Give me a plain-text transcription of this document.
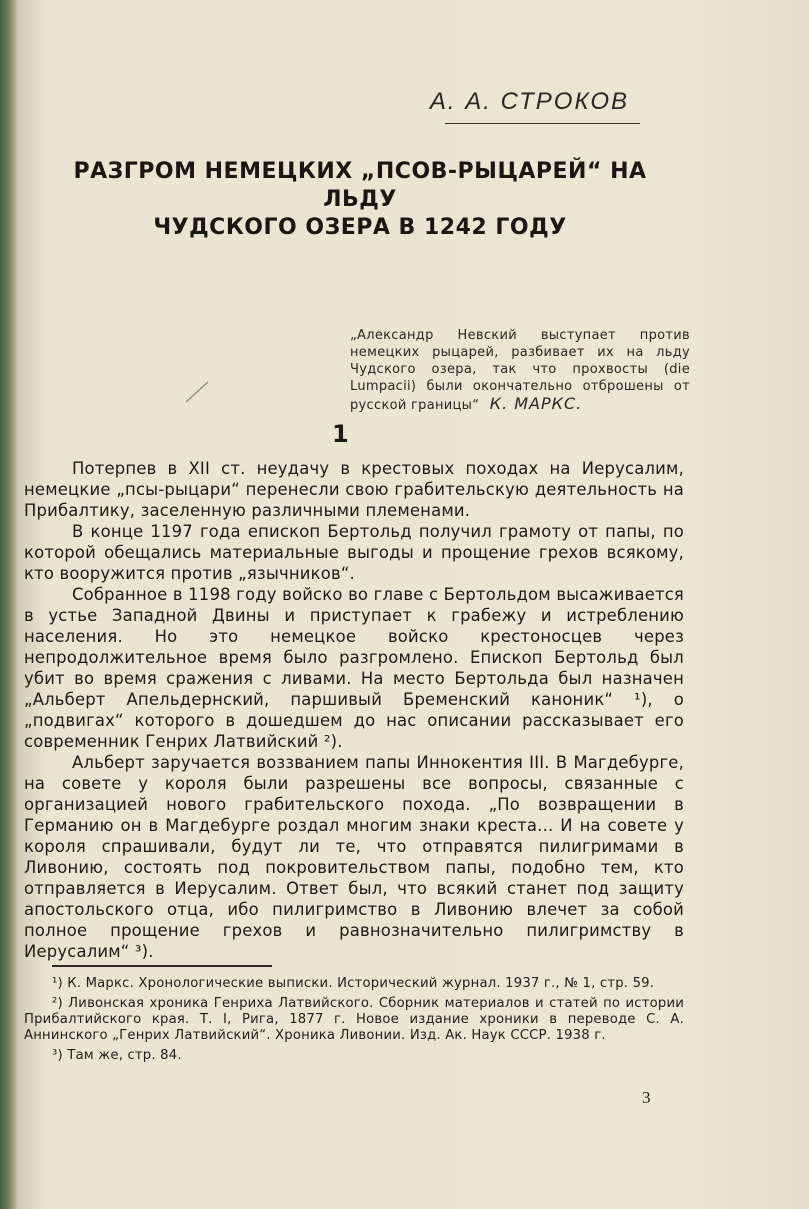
А. А. СТРОКОВ
РАЗГРОМ НЕМЕЦКИХ „ПСОВ-РЫЦАРЕЙ“ НА ЛЬДУ
ЧУДСКОГО ОЗЕРА В 1242 ГОДУ
„Александр Невский выступает против немецких рыцарей, разбивает их на льду Чудского озера, так что прохвосты (die Lumpacii) были окончательно отброшены от русской границы“ К. МАРКС.
1

Потерпев в XII ст. неудачу в крестовых походах на Иерусалим, немецкие „псы-рыцари“ перенесли свою грабительскую деятельность на Прибалтику, заселенную различными племенами.

В конце 1197 года епископ Бертольд получил грамоту от папы, по которой обещались материальные выгоды и прощение грехов всякому, кто вооружится против „язычников“.

Собранное в 1198 году войско во главе с Бертольдом высаживается в устье Западной Двины и приступает к грабежу и истреблению населения. Но это немецкое войско крестоносцев через непродолжительное время было разгромлено. Епископ Бертольд был убит во время сражения с ливами. На место Бертольда был назначен „Альберт Апельдернский, паршивый Бременский каноник“ ¹), о „подвигах“ которого в дошедшем до нас описании рассказывает его современник Генрих Латвийский ²).

Альберт заручается воззванием папы Иннокентия III. В Магдебурге, на совете у короля были разрешены все вопросы, связанные с организацией нового грабительского похода. „По возвращении в Германию он в Магдебурге роздал многим знаки креста... И на совете у короля спрашивали, будут ли те, что отправятся пилигримами в Ливонию, состоять под покровительством папы, подобно тем, кто отправляется в Иерусалим. Ответ был, что всякий станет под защиту апостольского отца, ибо пилигримство в Ливонию влечет за собой полное прощение грехов и равнозначительно пилигримству в Иерусалим“ ³).

¹) К. Маркс. Хронологические выписки. Исторический журнал. 1937 г., № 1, стр. 59.

²) Ливонская хроника Генриха Латвийского. Сборник материалов и статей по истории Прибалтийского края. Т. I, Рига, 1877 г. Новое издание хроники в переводе С. А. Аннинского „Генрих Латвийский“. Хроника Ливонии. Изд. Ак. Наук СССР. 1938 г.

³) Там же, стр. 84.

3
